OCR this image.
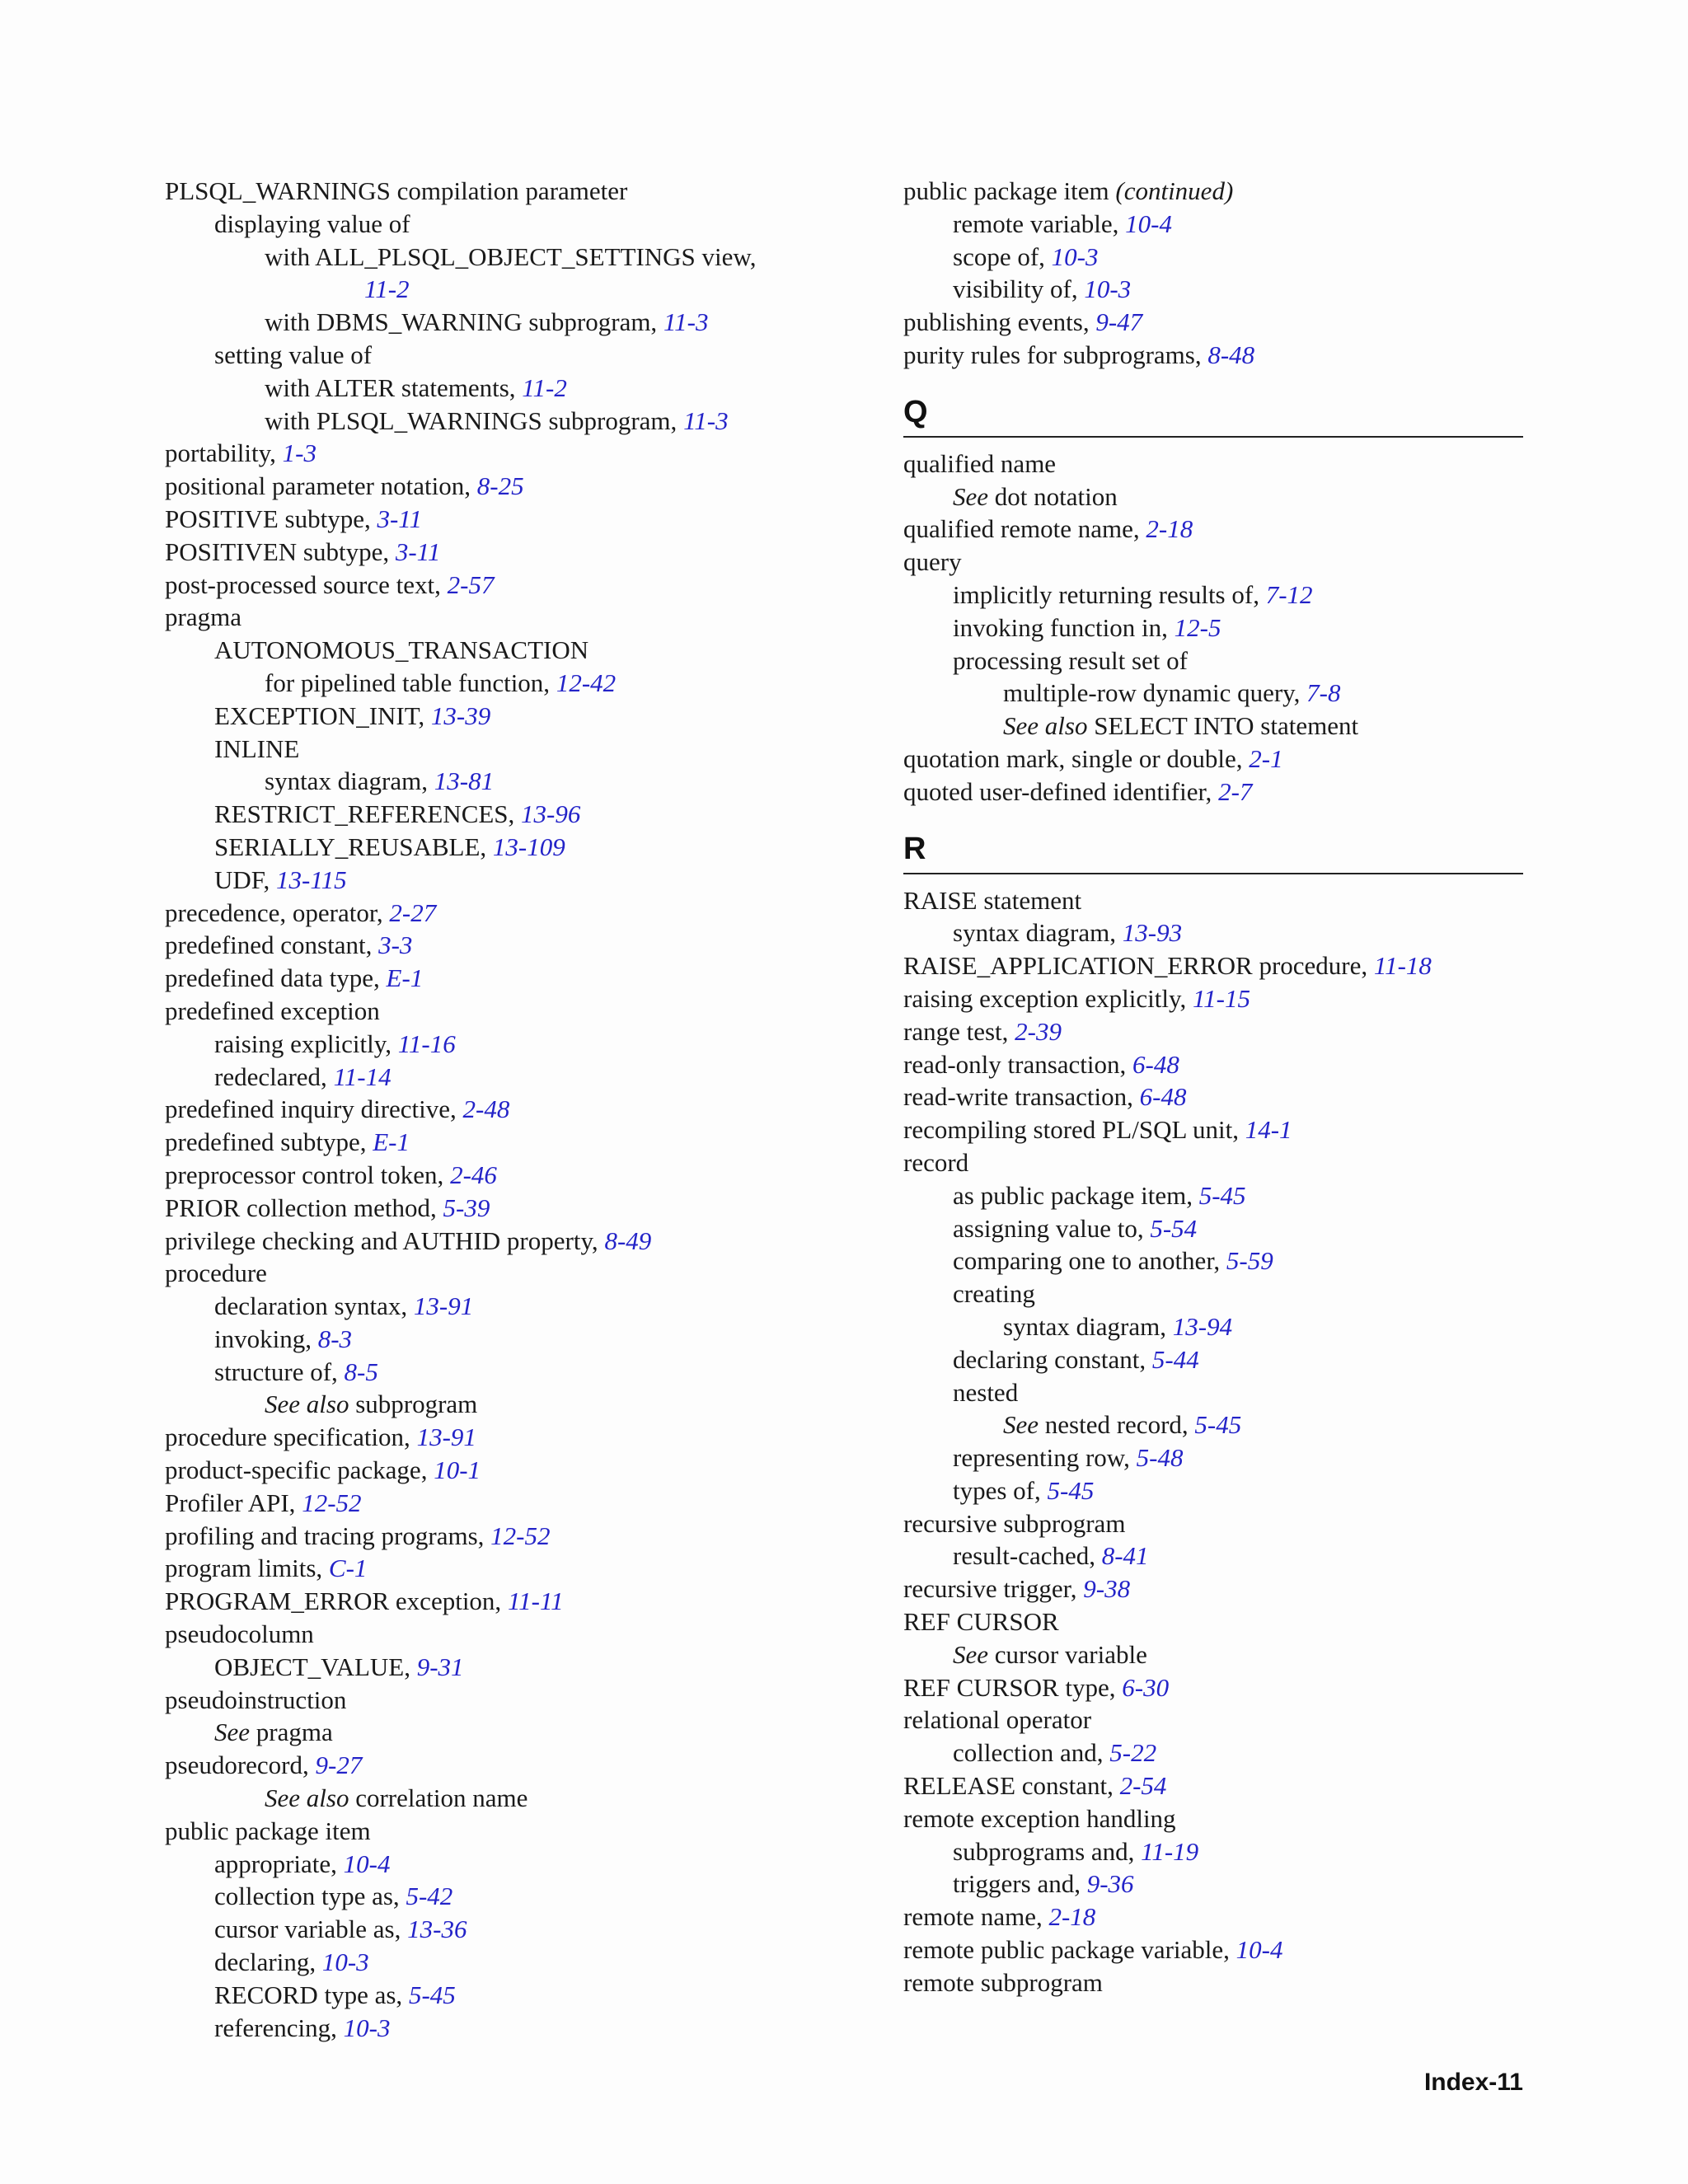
PLSQL_WARNINGS compilation parameter
displaying value of
with ALL_PLSQL_OBJECT_SETTINGS view,
11-2
with DBMS_WARNING subprogram, 11-3
setting value of
with ALTER statements, 11-2
with PLSQL_WARNINGS subprogram, 11-3
portability, 1-3
positional parameter notation, 8-25
POSITIVE subtype, 3-11
POSITIVEN subtype, 3-11
post-processed source text, 2-57
pragma
AUTONOMOUS_TRANSACTION
for pipelined table function, 12-42
EXCEPTION_INIT, 13-39
INLINE
syntax diagram, 13-81
RESTRICT_REFERENCES, 13-96
SERIALLY_REUSABLE, 13-109
UDF, 13-115
precedence, operator, 2-27
predefined constant, 3-3
predefined data type, E-1
predefined exception
raising explicitly, 11-16
redeclared, 11-14
predefined inquiry directive, 2-48
predefined subtype, E-1
preprocessor control token, 2-46
PRIOR collection method, 5-39
privilege checking and AUTHID property, 8-49
procedure
declaration syntax, 13-91
invoking, 8-3
structure of, 8-5
See also subprogram
procedure specification, 13-91
product-specific package, 10-1
Profiler API, 12-52
profiling and tracing programs, 12-52
program limits, C-1
PROGRAM_ERROR exception, 11-11
pseudocolumn
OBJECT_VALUE, 9-31
pseudoinstruction
See pragma
pseudorecord, 9-27
See also correlation name
public package item
appropriate, 10-4
collection type as, 5-42
cursor variable as, 13-36
declaring, 10-3
RECORD type as, 5-45
referencing, 10-3
public package item (continued)
remote variable, 10-4
scope of, 10-3
visibility of, 10-3
publishing events, 9-47
purity rules for subprograms, 8-48
Q
qualified name
See dot notation
qualified remote name, 2-18
query
implicitly returning results of, 7-12
invoking function in, 12-5
processing result set of
multiple-row dynamic query, 7-8
See also SELECT INTO statement
quotation mark, single or double, 2-1
quoted user-defined identifier, 2-7
R
RAISE statement
syntax diagram, 13-93
RAISE_APPLICATION_ERROR procedure, 11-18
raising exception explicitly, 11-15
range test, 2-39
read-only transaction, 6-48
read-write transaction, 6-48
recompiling stored PL/SQL unit, 14-1
record
as public package item, 5-45
assigning value to, 5-54
comparing one to another, 5-59
creating
syntax diagram, 13-94
declaring constant, 5-44
nested
See nested record, 5-45
representing row, 5-48
types of, 5-45
recursive subprogram
result-cached, 8-41
recursive trigger, 9-38
REF CURSOR
See cursor variable
REF CURSOR type, 6-30
relational operator
collection and, 5-22
RELEASE constant, 2-54
remote exception handling
subprograms and, 11-19
triggers and, 9-36
remote name, 2-18
remote public package variable, 10-4
remote subprogram
Index-11
